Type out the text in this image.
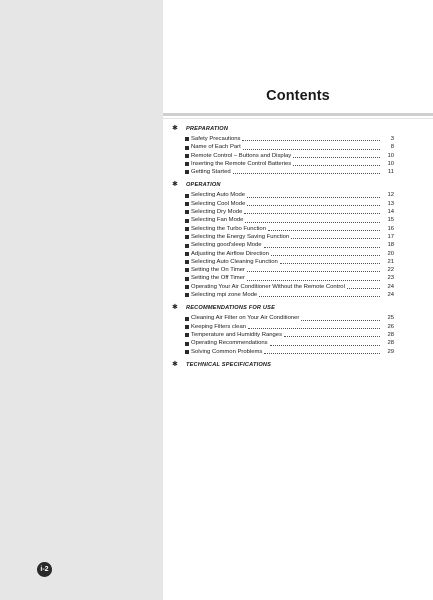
i-2
Contents
✱	PREPARATION
Safety Precautions	3
Name of Each Part	8
Remote Control – Buttons and Display	10
Inserting the Remote Control Batteries	10
Getting Started	11
✱	OPERATION
Selecting Auto Mode	12
Selecting Cool Mode	13
Selecting Dry Mode	14
Selecting Fan Mode	15
Selecting the Turbo Function	16
Selecting the Energy Saving Function	17
Selecting good'sleep Mode	18
Adjusting the Airflow Direction	20
Selecting Auto Cleaning Function	21
Setting the On Timer	22
Setting the Off Timer	23
Operating Your Air Conditioner Without the Remote Control	24
Selecting mpi zone Mode	24
✱	RECOMMENDATIONS FOR USE
Cleaning Air Filter on Your Air Conditioner	25
Keeping Filters clean	26
Temperature and Humidity Ranges	28
Operating Recommendations	28
Solving Common Problems	29
✱	TECHNICAL SPECIFICATIONS
